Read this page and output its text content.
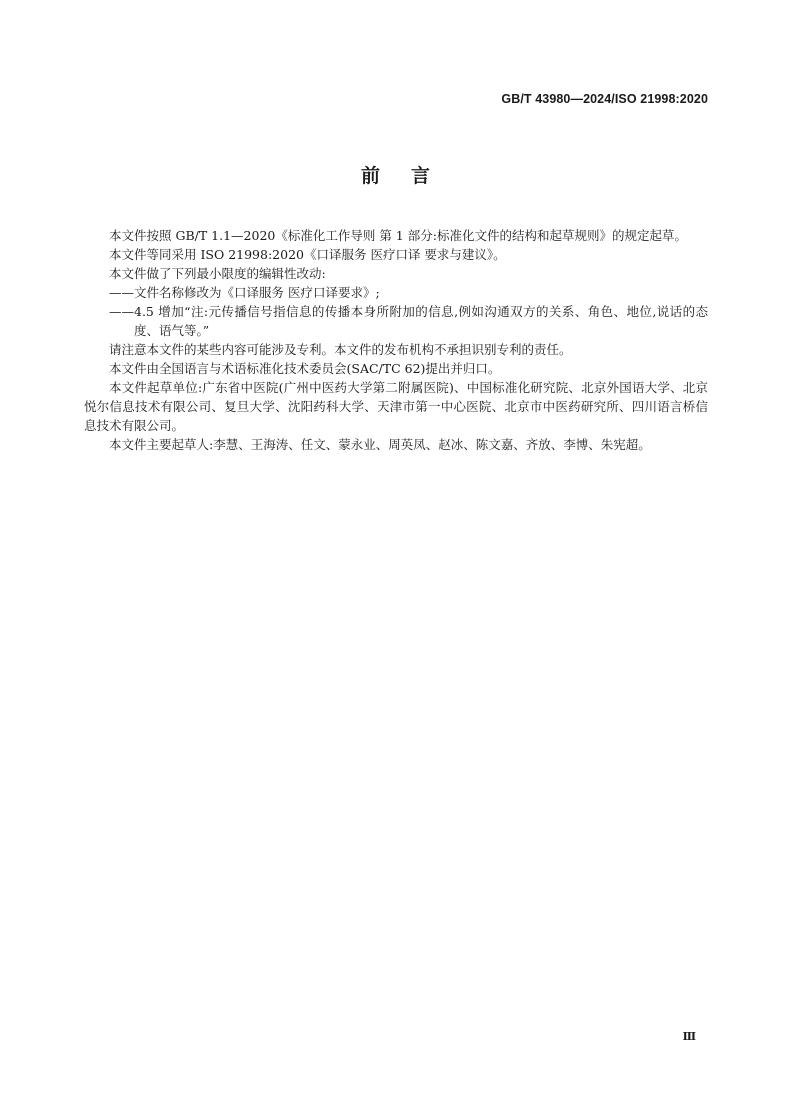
GB/T 43980—2024/ISO 21998:2020
前 言

本文件按照 GB/T 1.1—2020《标准化工作导则 第 1 部分:标准化文件的结构和起草规则》的规定起草。

本文件等同采用 ISO 21998:2020《口译服务 医疗口译 要求与建议》。

本文件做了下列最小限度的编辑性改动:

——文件名称修改为《口译服务 医疗口译要求》;

——4.5 增加“注:元传播信号指信息的传播本身所附加的信息,例如沟通双方的关系、角色、地位,说话的态度、语气等。”

请注意本文件的某些内容可能涉及专利。本文件的发布机构不承担识别专利的责任。

本文件由全国语言与术语标准化技术委员会(SAC/TC 62)提出并归口。

本文件起草单位:广东省中医院(广州中医药大学第二附属医院)、中国标准化研究院、北京外国语大学、北京悦尔信息技术有限公司、复旦大学、沈阳药科大学、天津市第一中心医院、北京市中医药研究所、四川语言桥信息技术有限公司。

本文件主要起草人:李慧、王海涛、任文、蒙永业、周英凤、赵冰、陈文嘉、齐放、李博、朱宪超。

Ⅲ
